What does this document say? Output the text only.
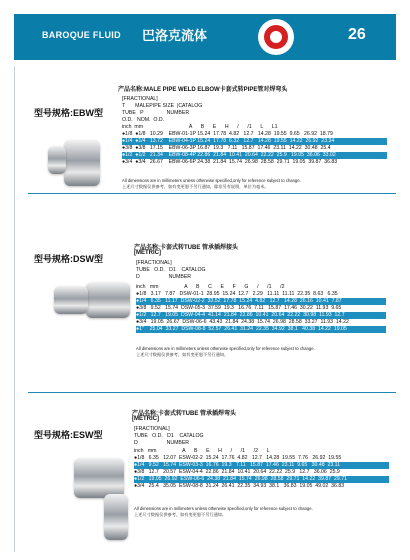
BAROQUE FLUID 巴洛克流体	26
型号规格:EBW型
产品名称:MALE PIPE WELD ELBOW卡套式转PIPE管对焊弯头
[FRACTIONAL]
T       MALEPIPE SIZE  |CATALOG
TUBE   P                NUMBER
O.D.   NOM.  O.D.
inch  mm                                A      B      E      H      /      /1      L      L1
●1/8  ●1/8   10.29    EBW-01-1P 15.24  17.78  4.82   12.7   14.28  19.55  9.65   26.92  18.79
●1/4  ●1/4   13.72    EBW-04-1P 15.24  17.78  6.32   12.7   14.28  19.55  14.22  26.92  23.34
●3/8  ●3/8   17.15    EBW-06-3P 16.87  19.3   7.11   15.87  17.46  23.11  14.22  30.48  25.4
●1/2  ●1/2   21.34    EBW-08-4P 22.86  21.84  10.41  20.64  22.22  25.9   19.05  36.06  33.02
●3/4  ●3/4   26.67    EBW-06-6P 24.38  21.84  15.74  26.98  28.58  29.71  19.05  39.87  36.83
All dimensions are in millimeters unless otherwise specified,only for reference subject to change.
上述尺寸数据仅供参考，如有变更恕不另行通知，除非另有说明，单位为毫米。
型号规格:DSW型
产品名称:卡套式转TUBE 管承插焊接头
[METRIC]
[FRACTIONAL]
TUBE   O.D.   D1    CATALOG
D                    NUMBER
inch   mm                  A      B      C      E      F      G      /      /1      /2
●1/8   3.17   7.87   DSW-01-1  28.95  15.24  12.7   2.29   11.11  11.11  22.35  8.63   6.35
●1/4   6.35   11.17  DSW-02-2  33.52  17.78  15.24  4.82   12.7   14.28  26.16  10.41  7.87
●3/8   9.52   15.74  DSW-05-3  37.59  19.3   16.76  7.11   15.87  17.46  30.22  11.93  9.65
●1/2   12.7   19.05  DSW-04-4  41.14  21.84  22.86  10.41  20.64  22.22  30.98  11.93  12.7
●3/4   19.05  26.67  DSW-06-6  43.43  21.84  24.38  15.74  26.98  28.58  33.27  11.93  14.22
●1"    25.04  33.27  DSW-08-8  52.57  26.41  31.24  22.35  34.92  38.1   40.38  14.22  19.05
All dimensions are in millimeters unless otherwise specified,only for reference subject to change.
上述尺寸数据仅供参考，如有变更恕不另行通知。
型号规格:ESW型
产品名称:卡套式转TUBE 管承插焊弯头
[METRIC]
[FRACTIONAL]
TUBE   O.D.   D1    CATALOG
D                    NUMBER
inch   mm                  A      B      E      H      /      /1      /2      L
●1/8   6.35   12.07  ESW-02-2  15.24  17.76  4.82   12.7   14.28  19.55  7.76   26.92  19.55
●1/4   9.52   15.74  ESW-03-3  16.76  19.3   7.11   15.87  17.46  23.11  9.65   30.48  23.11
●3/8   12.7   20.57  ESW-04-4  22.86  21.84  10.41  20.64  22.22  25.9   12.7   36.06  25.9
●1/2   19.05  26.92  ESW-06-6  24.38  21.84  15.74  26.98  28.58  29.71  14.22  39.87  29.71
●3/4   25.4   35.05  ESW-08-8  31.24  26.41  22.35  34.93  38.1   36.83  19.05  49.02  36.83
All dimensions are in millimeters unless otherwise specified,only for reference subject to change.
上述尺寸数据仅供参考，如有变更恕不另行通知。
